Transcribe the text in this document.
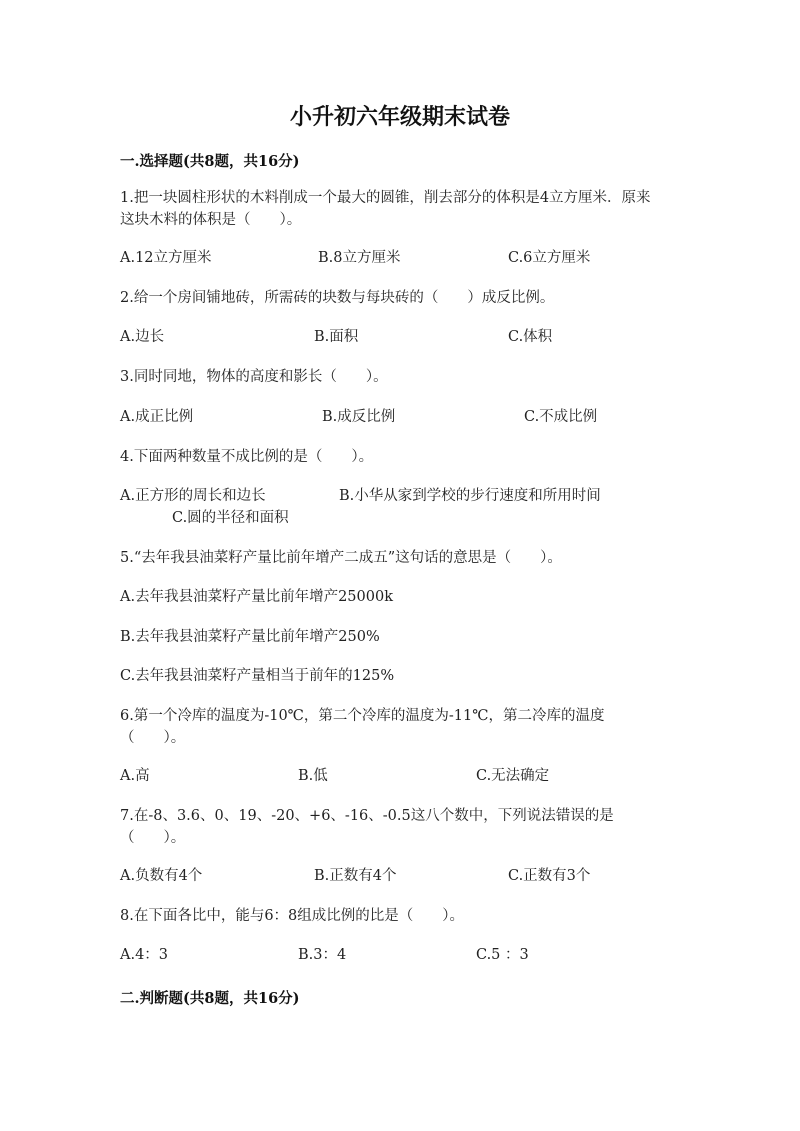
小升初六年级期末试卷
一.选择题(共8题，共16分)
1.把一块圆柱形状的木料削成一个最大的圆锥，削去部分的体积是4立方厘米．原来这块木料的体积是（　　）。
A.12立方厘米	B.8立方厘米	C.6立方厘米
2.给一个房间铺地砖，所需砖的块数与每块砖的（　　）成反比例。
A.边长	B.面积	C.体积
3.同时同地，物体的高度和影长（　　）。
A.成正比例	B.成反比例	C.不成比例
4.下面两种数量不成比例的是（　　）。
A.正方形的周长和边长	B.小华从家到学校的步行速度和所用时间
C.圆的半径和面积
5.“去年我县油菜籽产量比前年增产二成五”这句话的意思是（　　）。
A.去年我县油菜籽产量比前年增产25000k
B.去年我县油菜籽产量比前年增产250%
C.去年我县油菜籽产量相当于前年的125%
6.第一个冷库的温度为-10℃，第二个冷库的温度为-11℃，第二冷库的温度（　　）。
A.高	B.低	C.无法确定
7.在-8、3.6、0、19、-20、+6、-16、-0.5这八个数中，下列说法错误的是（　　）。
A.负数有4个	B.正数有4个	C.正数有3个
8.在下面各比中，能与6：8组成比例的比是（　　）。
A.4：3	B.3：4	C.5 ：3
二.判断题(共8题，共16分)
